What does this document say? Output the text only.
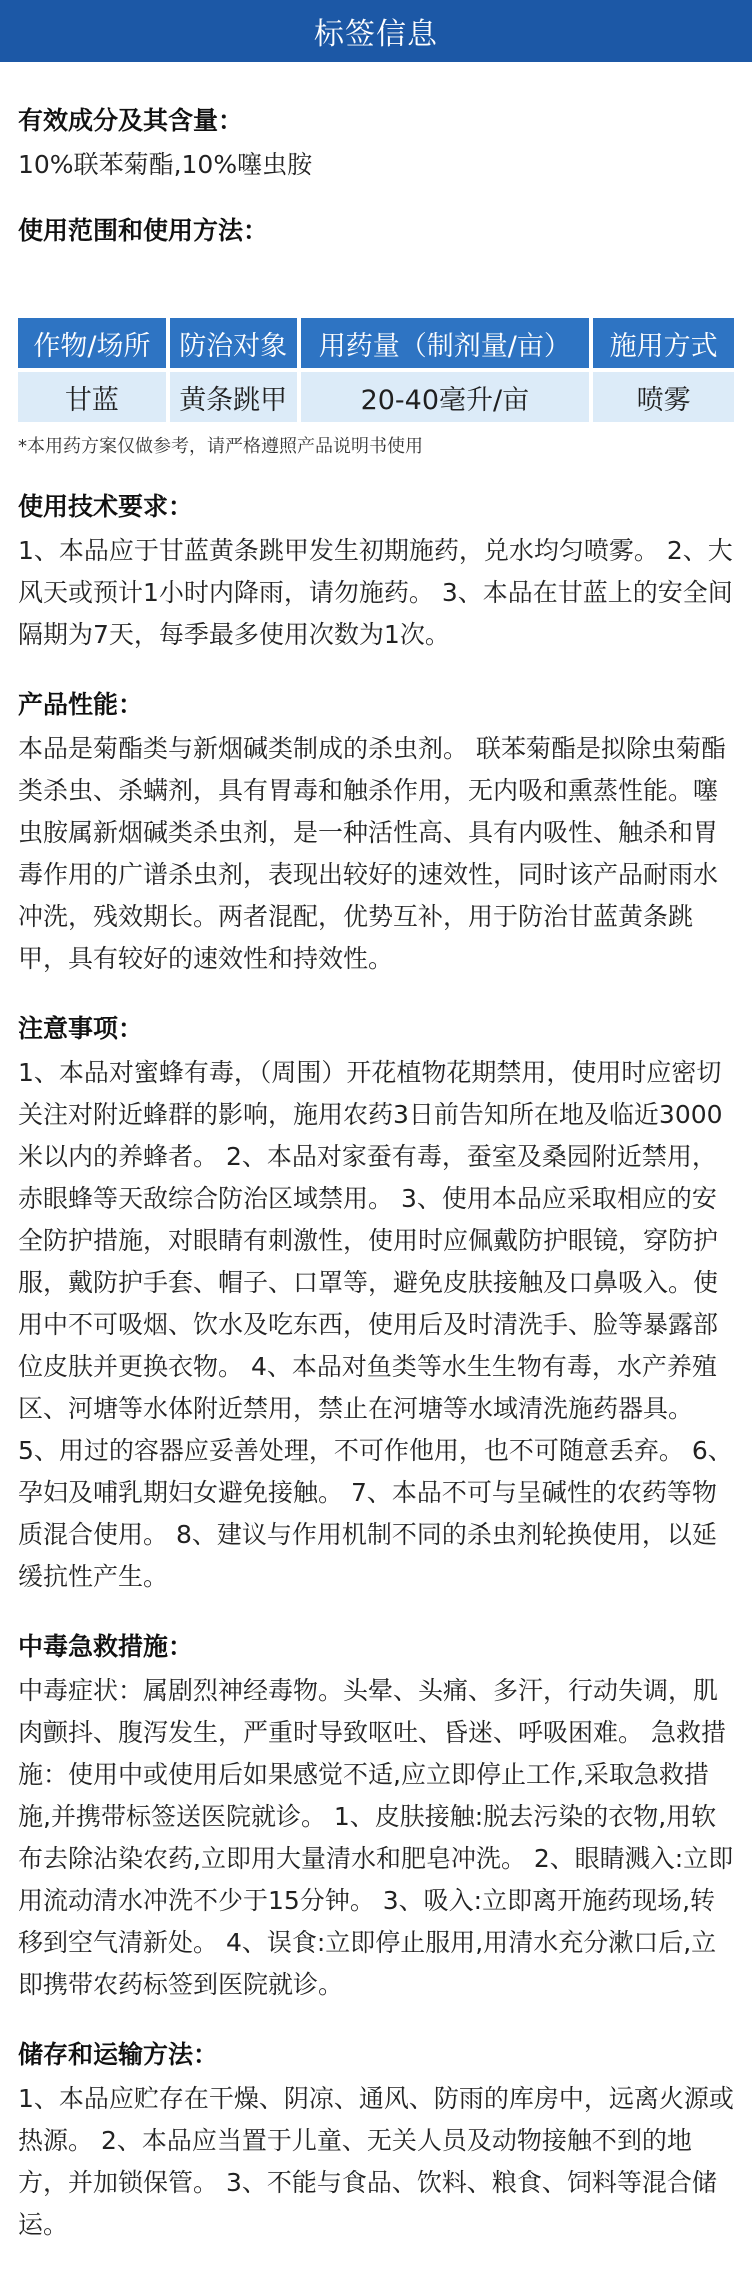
标签信息
有效成分及其含量：
10%联苯菊酯,10%噻虫胺
使用范围和使用方法：
作物/场所	防治对象	用药量（制剂量/亩）	施用方式
甘蓝	黄条跳甲	20-40毫升/亩	喷雾
*本用药方案仅做参考，请严格遵照产品说明书使用
使用技术要求：
1、本品应于甘蓝黄条跳甲发生初期施药，兑水均匀喷雾。 2、大风天或预计1小时内降雨，请勿施药。 3、本品在甘蓝上的安全间隔期为7天，每季最多使用次数为1次。
产品性能：
本品是菊酯类与新烟碱类制成的杀虫剂。 联苯菊酯是拟除虫菊酯类杀虫、杀螨剂，具有胃毒和触杀作用，无内吸和熏蒸性能。噻虫胺属新烟碱类杀虫剂，是一种活性高、具有内吸性、触杀和胃毒作用的广谱杀虫剂，表现出较好的速效性，同时该产品耐雨水冲洗，残效期长。两者混配，优势互补，用于防治甘蓝黄条跳甲，具有较好的速效性和持效性。
注意事项：
1、本品对蜜蜂有毒，（周围）开花植物花期禁用，使用时应密切关注对附近蜂群的影响，施用农药3日前告知所在地及临近3000米以内的养蜂者。 2、本品对家蚕有毒，蚕室及桑园附近禁用，赤眼蜂等天敌综合防治区域禁用。 3、使用本品应采取相应的安全防护措施，对眼睛有刺激性，使用时应佩戴防护眼镜，穿防护服，戴防护手套、帽子、口罩等，避免皮肤接触及口鼻吸入。使用中不可吸烟、饮水及吃东西，使用后及时清洗手、脸等暴露部位皮肤并更换衣物。 4、本品对鱼类等水生生物有毒，水产养殖区、河塘等水体附近禁用，禁止在河塘等水域清洗施药器具。 5、用过的容器应妥善处理，不可作他用，也不可随意丢弃。 6、孕妇及哺乳期妇女避免接触。 7、本品不可与呈碱性的农药等物质混合使用。 8、建议与作用机制不同的杀虫剂轮换使用，以延缓抗性产生。
中毒急救措施：
中毒症状：属剧烈神经毒物。头晕、头痛、多汗，行动失调，肌肉颤抖、腹泻发生，严重时导致呕吐、昏迷、呼吸困难。 急救措施：使用中或使用后如果感觉不适,应立即停止工作,采取急救措施,并携带标签送医院就诊。 1、皮肤接触:脱去污染的衣物,用软布去除沾染农药,立即用大量清水和肥皂冲洗。 2、眼睛溅入:立即用流动清水冲洗不少于15分钟。 3、吸入:立即离开施药现场,转移到空气清新处。 4、误食:立即停止服用,用清水充分漱口后,立即携带农药标签到医院就诊。
储存和运输方法：
1、本品应贮存在干燥、阴凉、通风、防雨的库房中，远离火源或热源。 2、本品应当置于儿童、无关人员及动物接触不到的地方，并加锁保管。 3、不能与食品、饮料、粮食、饲料等混合储运。
